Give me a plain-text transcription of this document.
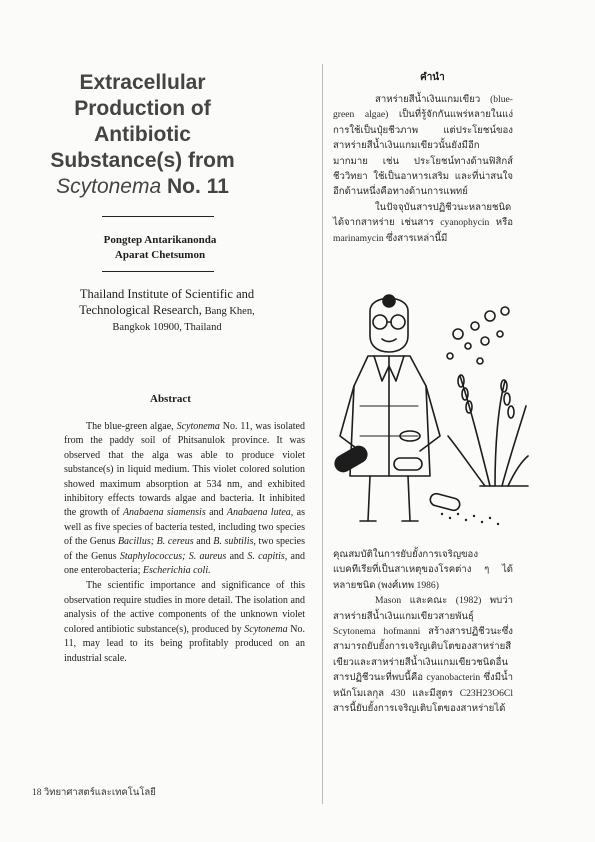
Extracellular
Production of
Antibiotic
Substance(s) from
Scytonema No. 11
Pongtep Antarikanonda
Aparat Chetsumon
Thailand Institute of Scientific and
Technological Research, Bang Khen,
Bangkok 10900, Thailand
Abstract

The blue-green algae, Scytonema No. 11, was isolated from the paddy soil of Phitsanulok province. It was observed that the alga was able to produce violet substance(s) in liquid medium. This violet colored solution showed maximum absorption at 534 nm, and exhibited inhibitory effects towards algae and bacteria. It inhibited the growth of Anabaena siamensis and Anabaena lutea, as well as five species of bacteria tested, including two species of the Genus Bacillus; B. cereus and B. subtilis, two species of the Genus Staphylococcus; S. aureus and S. capitis, and one enterobacteria; Escherichia coli.

The scientific importance and significance of this observation require studies in more detail. The isolation and analysis of the active components of the unknown violet colored antibiotic substance(s), produced by Scytonema No. 11, may lead to its being profitably produced on an industrial scale.

คำนำ

สาหร่ายสีน้ำเงินแกมเขียว (blue-green algae) เป็นที่รู้จักกันแพร่หลายในแง่การใช้เป็นปุ๋ยชีวภาพ แต่ประโยชน์ของสาหร่ายสีน้ำเงินแกมเขียวนั้นยังมีอีกมากมาย เช่น ประโยชน์ทางด้านฟิสิกส์ชีววิทยา ใช้เป็นอาหารเสริม และที่น่าสนใจอีกด้านหนึ่งคือทางด้านการแพทย์

ในปัจจุบันสารปฏิชีวนะหลายชนิดได้จากสาหร่าย เช่นสาร cyanophycin หรือ marinamycin ซึ่งสารเหล่านี้มี

คุณสมบัติในการยับยั้งการเจริญของแบคทีเรียที่เป็นสาเหตุของโรคต่าง ๆ ได้หลายชนิด (พงศ์เทพ 1986)

Mason และคณะ (1982) พบว่าสาหร่ายสีน้ำเงินแกมเขียวสายพันธุ์ Scytonema hofmanni สร้างสารปฏิชีวนะซึ่งสามารถยับยั้งการเจริญเติบโตของสาหร่ายสีเขียวและสาหร่ายสีน้ำเงินแกมเขียวชนิดอื่น สารปฏิชีวนะที่พบนี้คือ cyanobacterin ซึ่งมีน้ำหนักโมเลกุล 430 และมีสูตร C23H23O6Cl สารนี้ยับยั้งการเจริญเติบโตของสาหร่ายได้

18 วิทยาศาสตร์และเทคโนโลยี
